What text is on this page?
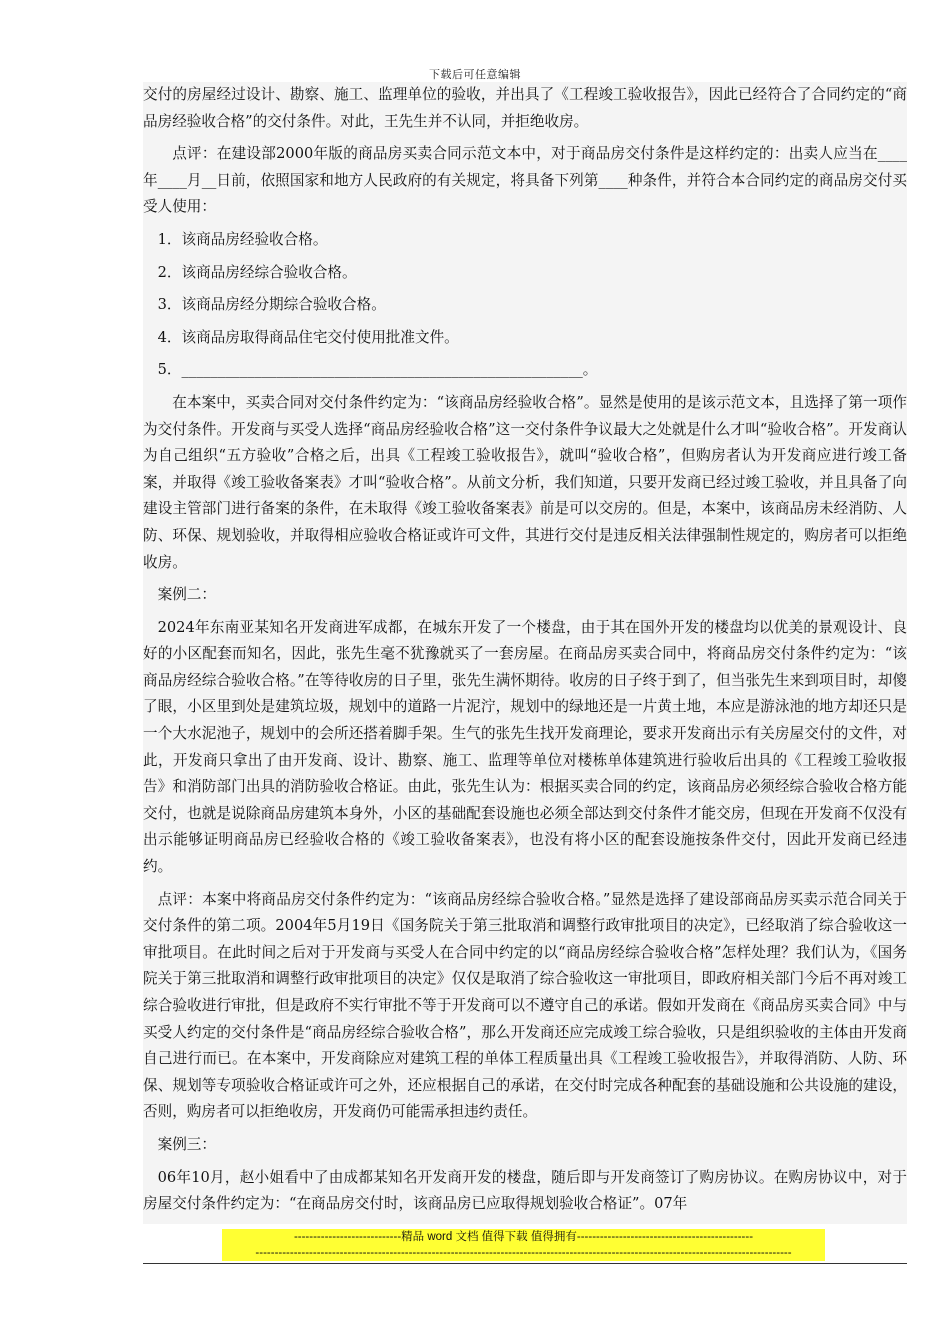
下载后可任意编辑

交付的房屋经过设计、勘察、施工、监理单位的验收，并出具了《工程竣工验收报告》，因此已经符合了合同约定的“商品房经验收合格”的交付条件。对此，王先生并不认同，并拒绝收房。

点评：在建设部2000年版的商品房买卖合同示范文本中，对于商品房交付条件是这样约定的：出卖人应当在____年____月__日前，依照国家和地方人民政府的有关规定，将具备下列第____种条件，并符合本合同约定的商品房交付买受人使用：

1．该商品房经验收合格。

2．该商品房经综合验收合格。

3．该商品房经分期综合验收合格。

4．该商品房取得商品住宅交付使用批准文件。

5．_______________________________________________________。

在本案中，买卖合同对交付条件约定为：“该商品房经验收合格”。显然是使用的是该示范文本，且选择了第一项作为交付条件。开发商与买受人选择“商品房经验收合格”这一交付条件争议最大之处就是什么才叫“验收合格”。开发商认为自己组织“五方验收”合格之后，出具《工程竣工验收报告》，就叫“验收合格”，但购房者认为开发商应进行竣工备案，并取得《竣工验收备案表》才叫“验收合格”。从前文分析，我们知道，只要开发商已经过竣工验收，并且具备了向建设主管部门进行备案的条件，在未取得《竣工验收备案表》前是可以交房的。但是，本案中，该商品房未经消防、人防、环保、规划验收，并取得相应验收合格证或许可文件，其进行交付是违反相关法律强制性规定的，购房者可以拒绝收房。

案例二：

2024年东南亚某知名开发商进军成都，在城东开发了一个楼盘，由于其在国外开发的楼盘均以优美的景观设计、良好的小区配套而知名，因此，张先生毫不犹豫就买了一套房屋。在商品房买卖合同中，将商品房交付条件约定为：“该商品房经综合验收合格。”在等待收房的日子里，张先生满怀期待。收房的日子终于到了，但当张先生来到项目时，却傻了眼，小区里到处是建筑垃圾，规划中的道路一片泥泞，规划中的绿地还是一片黄土地，本应是游泳池的地方却还只是一个大水泥池子，规划中的会所还搭着脚手架。生气的张先生找开发商理论，要求开发商出示有关房屋交付的文件，对此，开发商只拿出了由开发商、设计、勘察、施工、监理等单位对楼栋单体建筑进行验收后出具的《工程竣工验收报告》和消防部门出具的消防验收合格证。由此，张先生认为：根据买卖合同的约定，该商品房必须经综合验收合格方能交付，也就是说除商品房建筑本身外，小区的基础配套设施也必须全部达到交付条件才能交房，但现在开发商不仅没有出示能够证明商品房已经验收合格的《竣工验收备案表》，也没有将小区的配套设施按条件交付，因此开发商已经违约。

点评：本案中将商品房交付条件约定为：“该商品房经综合验收合格。”显然是选择了建设部商品房买卖示范合同关于交付条件的第二项。2004年5月19日《国务院关于第三批取消和调整行政审批项目的决定》，已经取消了综合验收这一审批项目。在此时间之后对于开发商与买受人在合同中约定的以“商品房经综合验收合格”怎样处理？我们认为，《国务院关于第三批取消和调整行政审批项目的决定》仅仅是取消了综合验收这一审批项目，即政府相关部门今后不再对竣工综合验收进行审批，但是政府不实行审批不等于开发商可以不遵守自己的承诺。假如开发商在《商品房买卖合同》中与买受人约定的交付条件是“商品房经综合验收合格”，那么开发商还应完成竣工综合验收，只是组织验收的主体由开发商自己进行而已。在本案中，开发商除应对建筑工程的单体工程质量出具《工程竣工验收报告》，并取得消防、人防、环保、规划等专项验收合格证或许可之外，还应根据自己的承诺，在交付时完成各种配套的基础设施和公共设施的建设，否则，购房者可以拒绝收房，开发商仍可能需承担违约责任。

案例三：

06年10月，赵小姐看中了由成都某知名开发商开发的楼盘，随后即与开发商签订了购房协议。在购房协议中，对于房屋交付条件约定为：“在商品房交付时，该商品房已应取得规划验收合格证”。07年

----------------------------精品 word 文档 值得下载 值得拥有----------------------------------------------
--------------------------------------------------------------------------------------------------------------------------------------------
